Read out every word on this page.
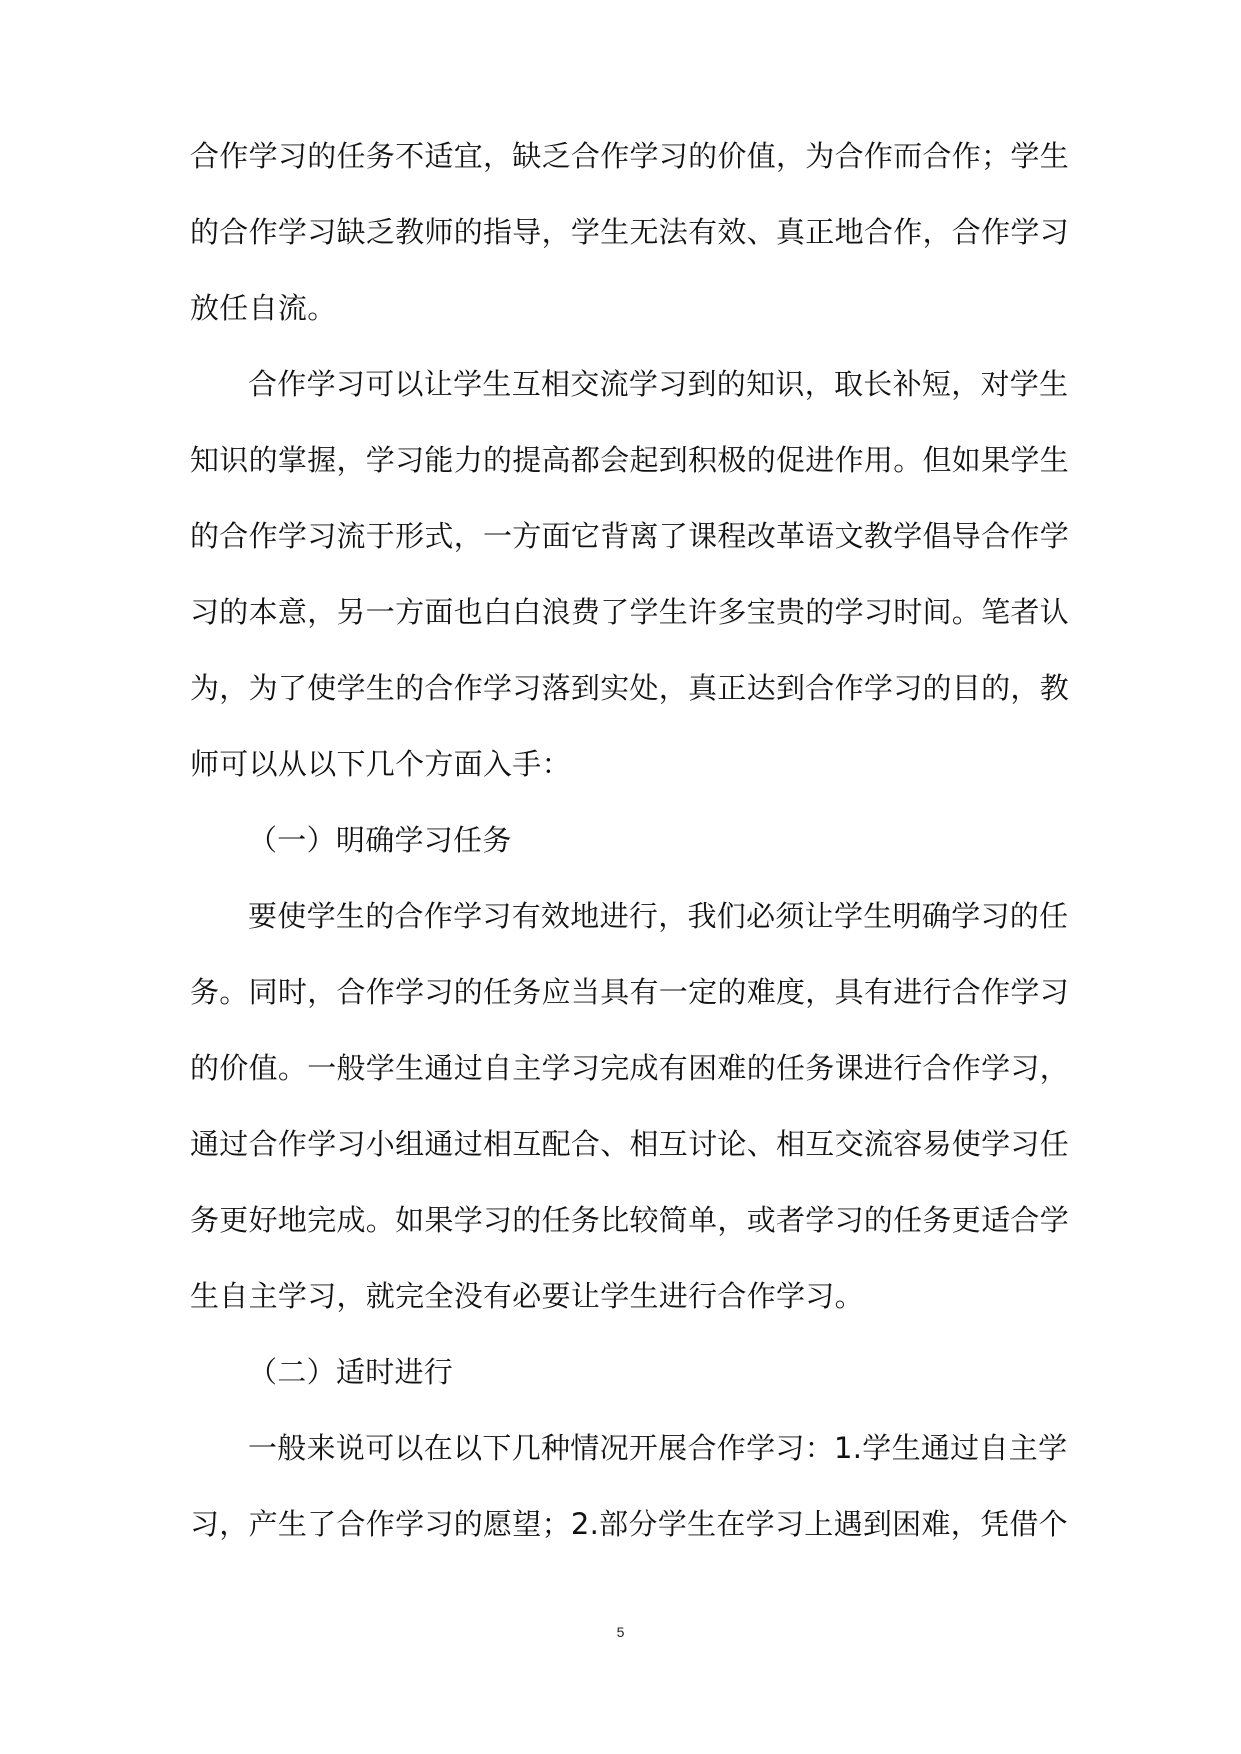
合作学习的任务不适宜，缺乏合作学习的价值，为合作而合作；学生
的合作学习缺乏教师的指导，学生无法有效、真正地合作，合作学习
放任自流。
合作学习可以让学生互相交流学习到的知识，取长补短，对学生
知识的掌握，学习能力的提高都会起到积极的促进作用。但如果学生
的合作学习流于形式，一方面它背离了课程改革语文教学倡导合作学
习的本意，另一方面也白白浪费了学生许多宝贵的学习时间。笔者认
为，为了使学生的合作学习落到实处，真正达到合作学习的目的，教
师可以从以下几个方面入手：
（一）明确学习任务
要使学生的合作学习有效地进行，我们必须让学生明确学习的任
务。同时，合作学习的任务应当具有一定的难度，具有进行合作学习
的价值。一般学生通过自主学习完成有困难的任务课进行合作学习，
通过合作学习小组通过相互配合、相互讨论、相互交流容易使学习任
务更好地完成。如果学习的任务比较简单，或者学习的任务更适合学
生自主学习，就完全没有必要让学生进行合作学习。
（二）适时进行
一般来说可以在以下几种情况开展合作学习：1.学生通过自主学
习，产生了合作学习的愿望；2.部分学生在学习上遇到困难，凭借个
5
